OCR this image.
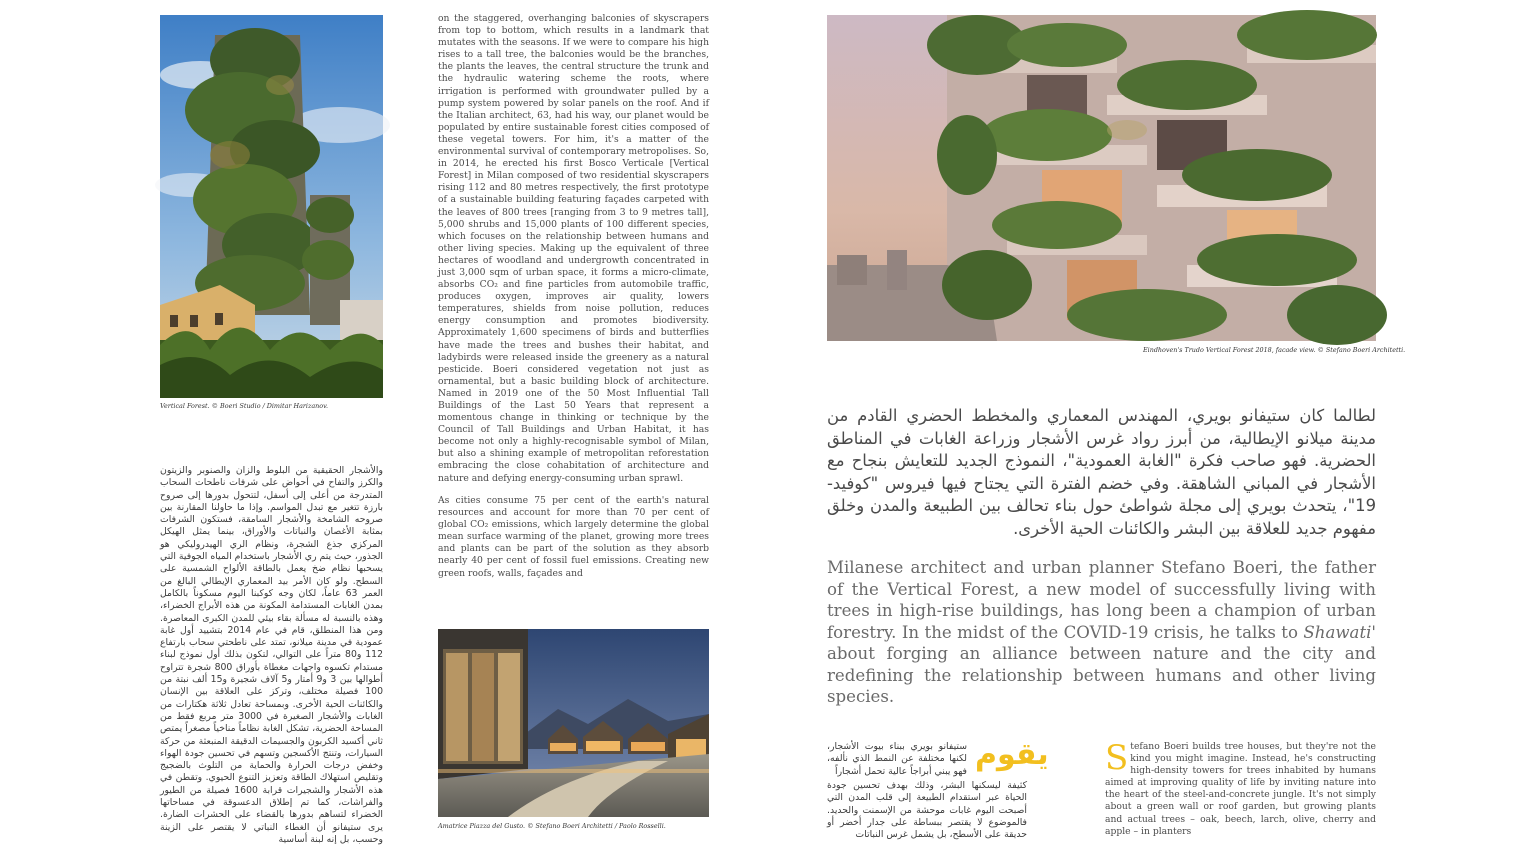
Vertical Forest. © Boeri Studio / Dimitar Harizanov.
والأشجار الحقيقية من البلوط والزان والصنوبر والزيتون والكرز والتفاح في أحواض على شرفات ناطحات السحاب المتدرجة من أعلى إلى أسفل، لتتحول بدورها إلى صروح بارزة تتغير مع تبدل المواسم. وإذا ما حاولنا المقارنة بين صروحه الشامخة والأشجار السامقة، فستكون الشرفات بمثابة الأغصان والنباتات والأوراق، بينما يمثل الهيكل المركزي جذع الشجرة، ونظام الري الهيدروليكي هو الجذور، حيث يتم ري الأشجار باستخدام المياه الجوفية التي يسحبها نظام ضخ يعمل بالطاقة الألواح الشمسية على السطح. ولو كان الأمر بيد المعماري الإيطالي البالغ من العمر 63 عاماً، لكان وجه كوكبنا اليوم مسكوناً بالكامل بمدن الغابات المستدامة المكونة من هذه الأبراج الخضراء، وهذه بالنسبة له مسألة بقاء بيئي للمدن الكبرى المعاصرة. ومن هذا المنطلق، قام في عام 2014 بتشييد أول غابة عمودية في مدينة ميلانو، تمتد على ناطحتي سحاب بارتفاع 112 و80 متراً على التوالي، لتكون بذلك أول نموذج لبناء مستدام تكسوه واجهات مغطاة بأوراق 800 شجرة تتراوح أطوالها بين 3 و9 أمتار و5 آلاف شجيرة و15 ألف نبتة من 100 فصيلة مختلف، وتركز على العلاقة بين الإنسان والكائنات الحية الأخرى. وبمساحة تعادل ثلاثة هكتارات من الغابات والأشجار الصغيرة في 3000 متر مربع فقط من المساحة الحضرية، تشكل الغابة نظاماً مناخياً مصغراً يمتص ثاني أكسيد الكربون والجسيمات الدقيقة المنبعثة من حركة السيارات، وتنتج الأكسجين وتسهم في تحسين جودة الهواء وخفض درجات الحرارة والحماية من التلوث بالضجيج وتقليص استهلاك الطاقة وتعزيز التنوع الحيوي. وتقطن في هذه الأشجار والشجيرات قرابة 1600 فصيلة من الطيور والفراشات، كما تم إطلاق الدعسوقة في مساحاتها الخضراء لتساهم بدورها بالقضاء على الحشرات الضارة. يرى ستيفانو أن الغطاء النباتي لا يقتصر على الزينة وحسب، بل إنه لبنة أساسية
on the staggered, overhanging balconies of skyscrapers from top to bottom, which results in a landmark that mutates with the seasons. If we were to compare his high rises to a tall tree, the balconies would be the branches, the plants the leaves, the central structure the trunk and the hydraulic watering scheme the roots, where irrigation is performed with groundwater pulled by a pump system powered by solar panels on the roof. And if the Italian architect, 63, had his way, our planet would be populated by entire sustainable forest cities composed of these vegetal towers. For him, it's a matter of the environmental survival of contemporary metropolises. So, in 2014, he erected his first Bosco Verticale [Vertical Forest] in Milan composed of two residential skyscrapers rising 112 and 80 metres respectively, the first prototype of a sustainable building featuring façades carpeted with the leaves of 800 trees [ranging from 3 to 9 metres tall], 5,000 shrubs and 15,000 plants of 100 different species, which focuses on the relationship between humans and other living species. Making up the equivalent of three hectares of woodland and undergrowth concentrated in just 3,000 sqm of urban space, it forms a micro-climate, absorbs CO₂ and fine particles from automobile traffic, produces oxygen, improves air quality, lowers temperatures, shields from noise pollution, reduces energy consumption and promotes biodiversity. Approximately 1,600 specimens of birds and butterflies have made the trees and bushes their habitat, and ladybirds were released inside the greenery as a natural pesticide. Boeri considered vegetation not just as ornamental, but a basic building block of architecture. Named in 2019 one of the 50 Most Influential Tall Buildings of the Last 50 Years that represent a momentous change in thinking or technique by the Council of Tall Buildings and Urban Habitat, it has become not only a highly-recognisable symbol of Milan, but also a shining example of metropolitan reforestation embracing the close cohabitation of architecture and nature and defying energy-consuming urban sprawl.
As cities consume 75 per cent of the earth's natural resources and account for more than 70 per cent of global CO₂ emissions, which largely determine the global mean surface warming of the planet, growing more trees and plants can be part of the solution as they absorb nearly 40 per cent of fossil fuel emissions. Creating new green roofs, walls, façades and
Amatrice Piazza del Gusto. © Stefano Boeri Architetti / Paolo Rosselli.
Eindhoven's Trudo Vertical Forest 2018, facade view. © Stefano Boeri Architetti.
لطالما كان ستيفانو بويري، المهندس المعماري والمخطط الحضري القادم من مدينة ميلانو الإيطالية، من أبرز رواد غرس الأشجار وزراعة الغابات في المناطق الحضرية. فهو صاحب فكرة "الغابة العمودية"، النموذج الجديد للتعايش بنجاح مع الأشجار في المباني الشاهقة. وفي خضم الفترة التي يجتاح فيها فيروس "كوفيد- 19"، يتحدث بويري إلى مجلة شواطئ حول بناء تحالف بين الطبيعة والمدن وخلق مفهوم جديد للعلاقة بين البشر والكائنات الحية الأخرى.
Milanese architect and urban planner Stefano Boeri, the father of the Vertical Forest, a new model of successfully living with trees in high-rise buildings, has long been a champion of urban forestry. In the midst of the COVID-19 crisis, he talks to Shawati' about forging an alliance between nature and the city and redefining the relationship between humans and other living species.
يقوم
ستيفانو بويري ببناء بيوت الأشجار، لكنها مختلفة عن النمط الذي نألفه، فهو يبني أبراجاً عالية تحمل أشجاراً
كثيفة ليسكنها البشر، وذلك بهدف تحسين جودة الحياة عبر استقدام الطبيعة إلى قلب المدن التي أصبحت اليوم غابات موحشة من الإسمنت والحديد. فالموضوع لا يقتصر ببساطة على جدار أخضر أو حديقة على الأسطح، بل يشمل غرس النباتات
Stefano Boeri builds tree houses, but they're not the kind you might imagine. Instead, he's constructing high-density towers for trees inhabited by humans aimed at improving quality of life by inviting nature into the heart of the steel-and-concrete jungle. It's not simply about a green wall or roof garden, but growing plants and actual trees – oak, beech, larch, olive, cherry and apple – in planters
